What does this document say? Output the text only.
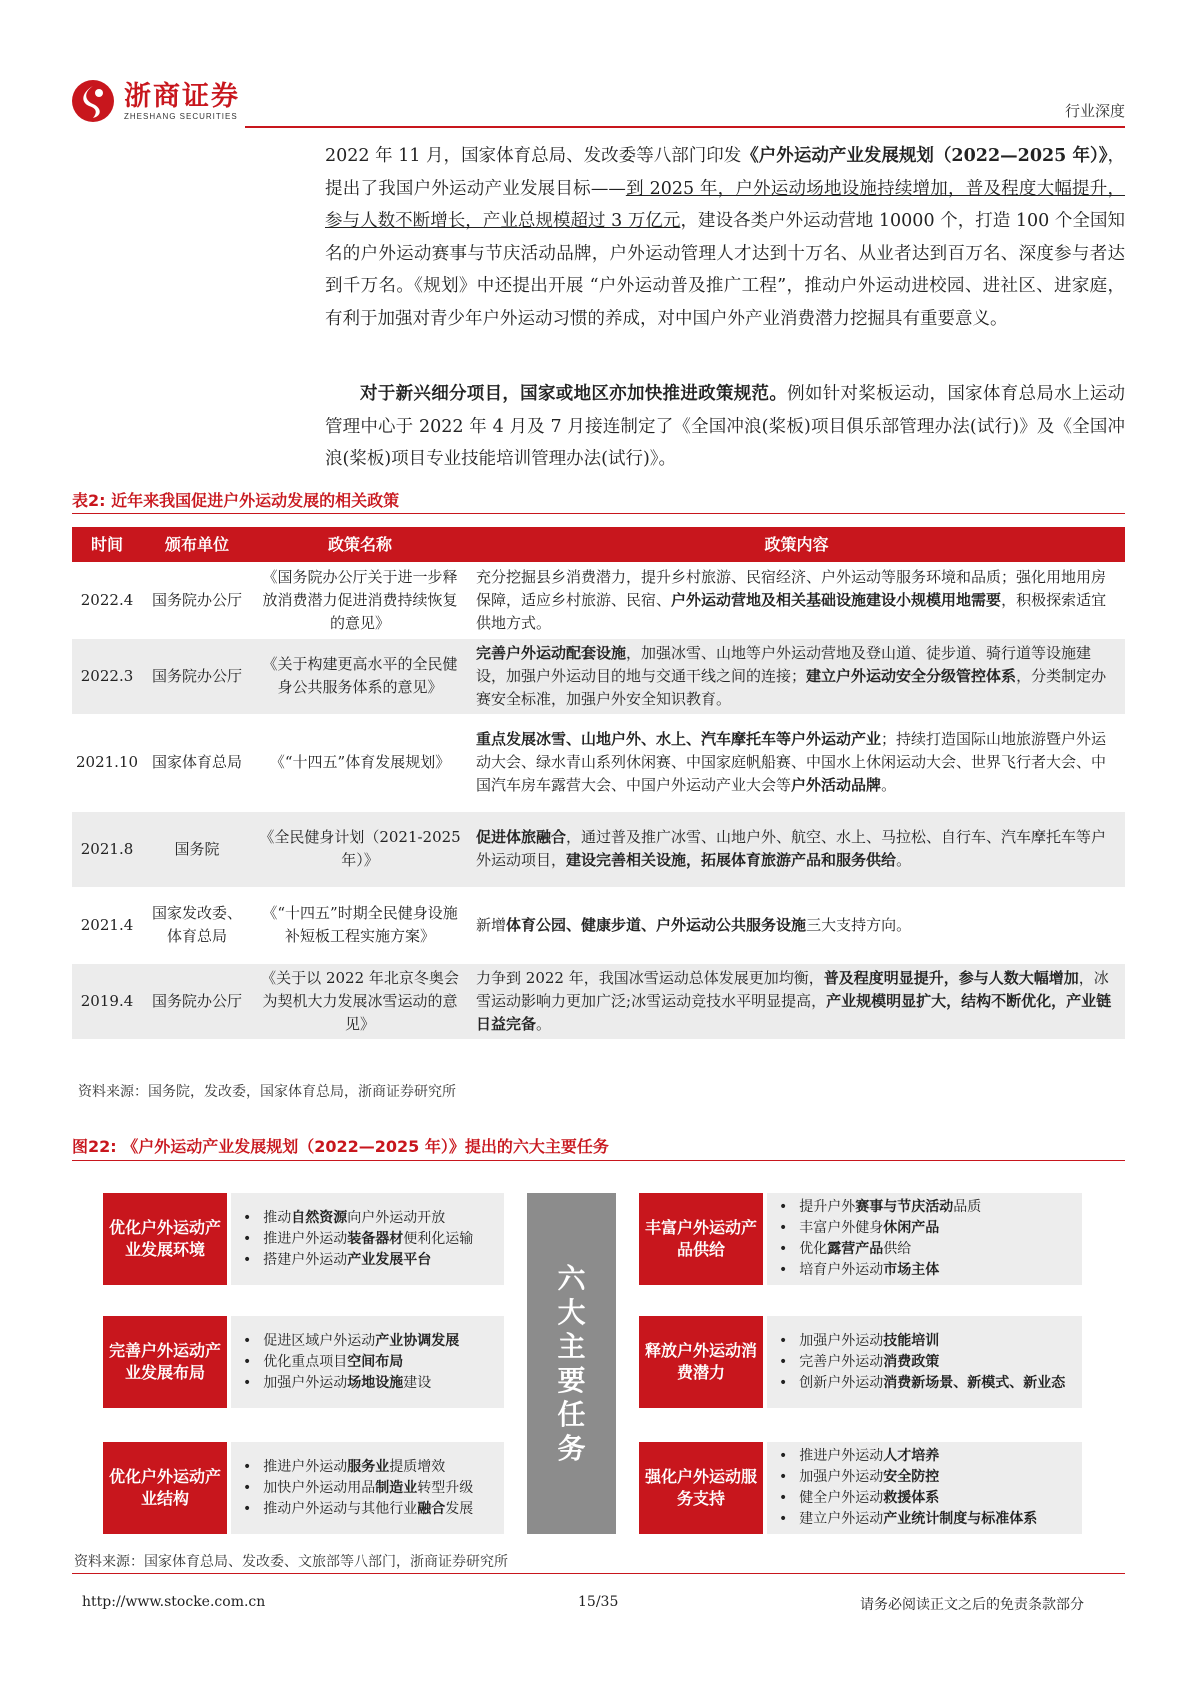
浙商证券
ZHESHANG SECURITIES	行业深度

2022 年 11 月，国家体育总局、发改委等八部门印发《户外运动产业发展规划（2022—2025 年）》，提出了我国户外运动产业发展目标——到 2025 年，户外运动场地设施持续增加，普及程度大幅提升，参与人数不断增长，产业总规模超过 3 万亿元，建设各类户外运动营地 10000 个，打造 100 个全国知名的户外运动赛事与节庆活动品牌，户外运动管理人才达到十万名、从业者达到百万名、深度参与者达到千万名。《规划》中还提出开展 “户外运动普及推广工程”，推动户外运动进校园、进社区、进家庭，有利于加强对青少年户外运动习惯的养成，对中国户外产业消费潜力挖掘具有重要意义。

对于新兴细分项目，国家或地区亦加快推进政策规范。例如针对桨板运动，国家体育总局水上运动管理中心于 2022 年 4 月及 7 月接连制定了《全国冲浪(桨板)项目俱乐部管理办法(试行)》及《全国冲浪(桨板)项目专业技能培训管理办法(试行)》。

表2: 近年来我国促进户外运动发展的相关政策
时间	颁布单位	政策名称	政策内容
2022.4	国务院办公厅	《国务院办公厅关于进一步释放消费潜力促进消费持续恢复的意见》	充分挖掘县乡消费潜力，提升乡村旅游、民宿经济、户外运动等服务环境和品质；强化用地用房保障，适应乡村旅游、民宿、户外运动营地及相关基础设施建设小规模用地需要，积极探索适宜供地方式。
2022.3	国务院办公厅	《关于构建更高水平的全民健身公共服务体系的意见》	完善户外运动配套设施，加强冰雪、山地等户外运动营地及登山道、徒步道、骑行道等设施建设，加强户外运动目的地与交通干线之间的连接；建立户外运动安全分级管控体系，分类制定办赛安全标准，加强户外安全知识教育。
2021.10	国家体育总局	《“十四五”体育发展规划》	重点发展冰雪、山地户外、水上、汽车摩托车等户外运动产业；持续打造国际山地旅游暨户外运动大会、绿水青山系列休闲赛、中国家庭帆船赛、中国水上休闲运动大会、世界飞行者大会、中国汽车房车露营大会、中国户外运动产业大会等户外活动品牌。
2021.8	国务院	《全民健身计划（2021-2025 年）》	促进体旅融合，通过普及推广冰雪、山地户外、航空、水上、马拉松、自行车、汽车摩托车等户外运动项目，建设完善相关设施，拓展体育旅游产品和服务供给。
2021.4	国家发改委、体育总局	《“十四五”时期全民健身设施补短板工程实施方案》	新增体育公园、健康步道、户外运动公共服务设施三大支持方向。
2019.4	国务院办公厅	《关于以 2022 年北京冬奥会为契机大力发展冰雪运动的意见》	力争到 2022 年，我国冰雪运动总体发展更加均衡，普及程度明显提升，参与人数大幅增加，冰雪运动影响力更加广泛;冰雪运动竞技水平明显提高，产业规模明显扩大，结构不断优化，产业链日益完备。
资料来源：国务院，发改委，国家体育总局，浙商证券研究所
图22: 《户外运动产业发展规划（2022—2025 年）》提出的六大主要任务
优化户外运动产业发展环境
• 推动自然资源向户外运动开放
• 推进户外运动装备器材便利化运输
• 搭建户外运动产业发展平台
丰富户外运动产品供给
• 提升户外赛事与节庆活动品质
• 丰富户外健身休闲产品
• 优化露营产品供给
• 培育户外运动市场主体
完善户外运动产业发展布局
• 促进区域户外运动产业协调发展
• 优化重点项目空间布局
• 加强户外运动场地设施建设
释放户外运动消费潜力
• 加强户外运动技能培训
• 完善户外运动消费政策
• 创新户外运动消费新场景、新模式、新业态
优化户外运动产业结构
• 推进户外运动服务业提质增效
• 加快户外运动用品制造业转型升级
• 推动户外运动与其他行业融合发展
强化户外运动服务支持
• 推进户外运动人才培养
• 加强户外运动安全防控
• 健全户外运动救援体系
• 建立户外运动产业统计制度与标准体系
六大主要任务
资料来源：国家体育总局、发改委、文旅部等八部门，浙商证券研究所
http://www.stocke.com.cn	15/35	请务必阅读正文之后的免责条款部分
